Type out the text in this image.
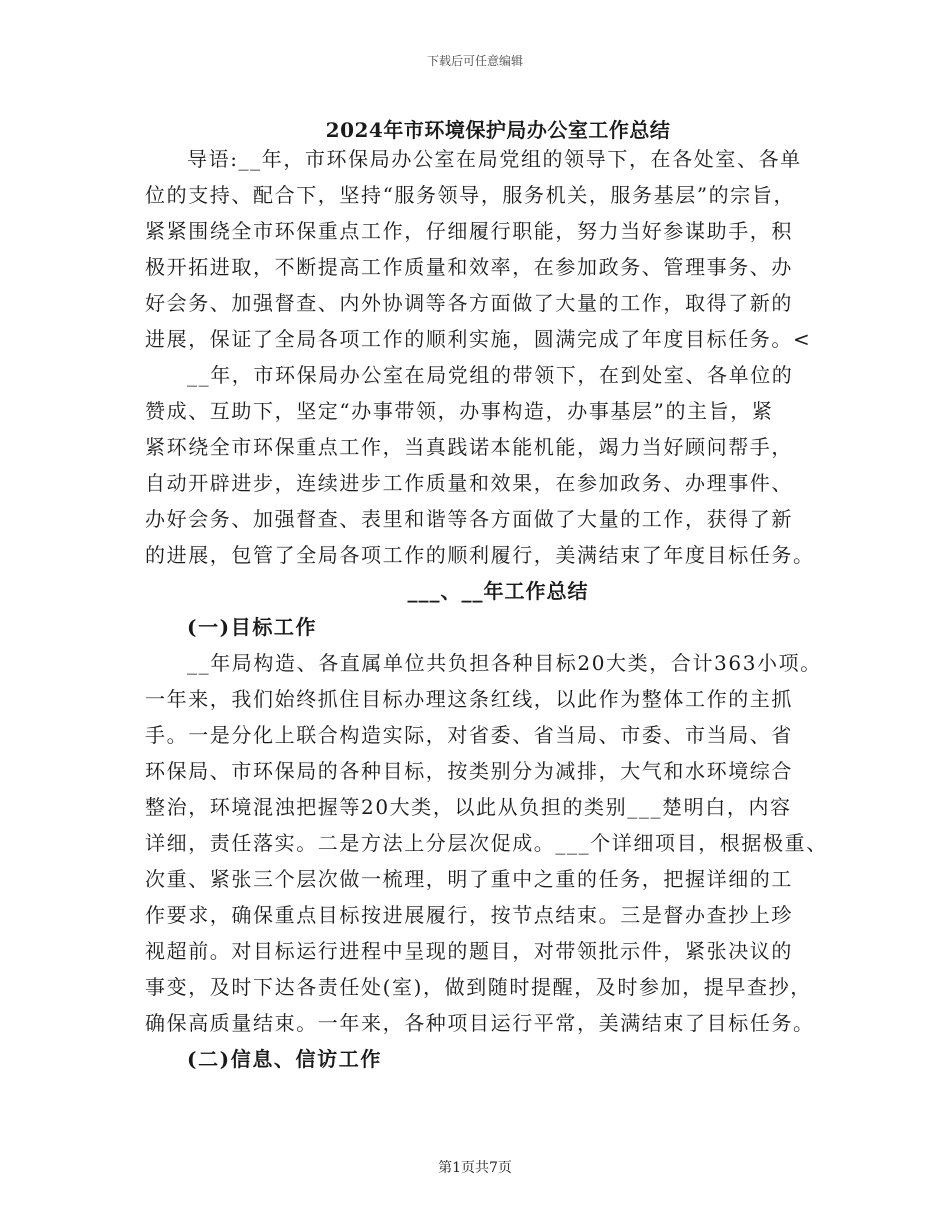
下载后可任意编辑
2024年市环境保护局办公室工作总结
导语:__年，市环保局办公室在局党组的领导下，在各处室、各单
位的支持、配合下，坚持“服务领导，服务机关，服务基层”的宗旨，
紧紧围绕全市环保重点工作，仔细履行职能，努力当好参谋助手，积
极开拓进取，不断提高工作质量和效率，在参加政务、管理事务、办
好会务、加强督查、内外协调等各方面做了大量的工作，取得了新的
进展，保证了全局各项工作的顺利实施，圆满完成了年度目标任务。<
__年，市环保局办公室在局党组的带领下，在到处室、各单位的
赞成、互助下，坚定“办事带领，办事构造，办事基层”的主旨，紧
紧环绕全市环保重点工作，当真践诺本能机能，竭力当好顾问帮手，
自动开辟进步，连续进步工作质量和效果，在参加政务、办理事件、
办好会务、加强督查、表里和谐等各方面做了大量的工作，获得了新
的进展，包管了全局各项工作的顺利履行，美满结束了年度目标任务。
___、__年工作总结
(一)目标工作
__年局构造、各直属单位共负担各种目标20大类，合计363小项。
一年来，我们始终抓住目标办理这条红线，以此作为整体工作的主抓
手。一是分化上联合构造实际，对省委、省当局、市委、市当局、省
环保局、市环保局的各种目标，按类别分为减排，大气和水环境综合
整治，环境混浊把握等20大类，以此从负担的类别___楚明白，内容
详细，责任落实。二是方法上分层次促成。___个详细项目，根据极重、
次重、紧张三个层次做一梳理，明了重中之重的任务，把握详细的工
作要求，确保重点目标按进展履行，按节点结束。三是督办查抄上珍
视超前。对目标运行进程中呈现的题目，对带领批示件，紧张决议的
事变，及时下达各责任处(室)，做到随时提醒，及时参加，提早查抄，
确保高质量结束。一年来，各种项目运行平常，美满结束了目标任务。
(二)信息、信访工作
第1页共7页
